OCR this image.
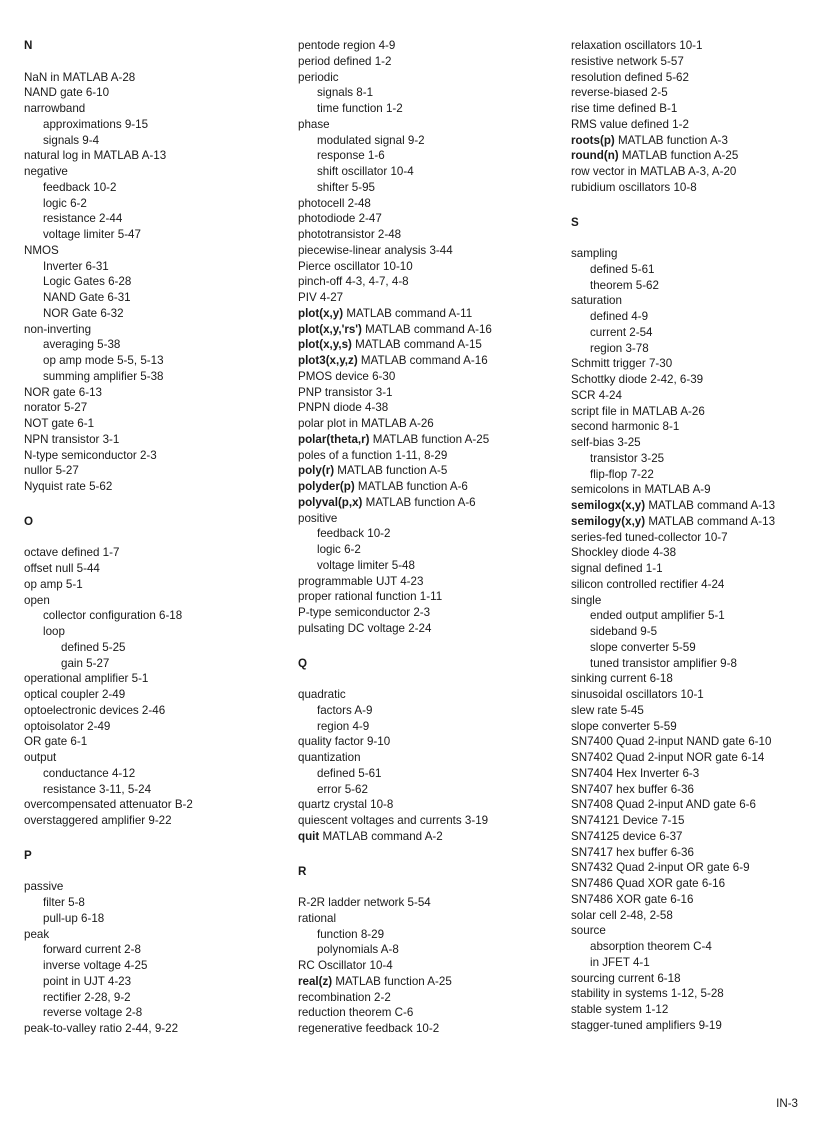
N
NaN in MATLAB A-28
NAND gate 6-10
narrowband
approximations 9-15
signals 9-4
natural log in MATLAB A-13
negative
feedback 10-2
logic 6-2
resistance 2-44
voltage limiter 5-47
NMOS
Inverter 6-31
Logic Gates 6-28
NAND Gate 6-31
NOR Gate 6-32
non-inverting
averaging 5-38
op amp mode 5-5, 5-13
summing amplifier 5-38
NOR gate 6-13
norator 5-27
NOT gate 6-1
NPN transistor 3-1
N-type semiconductor 2-3
nullor 5-27
Nyquist rate 5-62
O
octave defined 1-7
offset null 5-44
op amp 5-1
open
collector configuration 6-18
loop
defined 5-25
gain 5-27
operational amplifier 5-1
optical coupler 2-49
optoelectronic devices 2-46
optoisolator 2-49
OR gate 6-1
output
conductance 4-12
resistance 3-11, 5-24
overcompensated attenuator B-2
overstaggered amplifier 9-22
P
passive
filter 5-8
pull-up 6-18
peak
forward current 2-8
inverse voltage 4-25
point in UJT 4-23
rectifier 2-28, 9-2
reverse voltage 2-8
peak-to-valley ratio 2-44, 9-22
pentode region 4-9
period defined 1-2
periodic
signals 8-1
time function 1-2
phase
modulated signal 9-2
response 1-6
shift oscillator 10-4
shifter 5-95
photocell 2-48
photodiode 2-47
phototransistor 2-48
piecewise-linear analysis 3-44
Pierce oscillator 10-10
pinch-off 4-3, 4-7, 4-8
PIV 4-27
plot(x,y) MATLAB command A-11
plot(x,y,'rs') MATLAB command A-16
plot(x,y,s) MATLAB command A-15
plot3(x,y,z) MATLAB command A-16
PMOS device 6-30
PNP transistor 3-1
PNPN diode 4-38
polar plot in MATLAB A-26
polar(theta,r) MATLAB function A-25
poles of a function 1-11, 8-29
poly(r) MATLAB function A-5
polyder(p) MATLAB function A-6
polyval(p,x) MATLAB function A-6
positive
feedback 10-2
logic 6-2
voltage limiter 5-48
programmable UJT 4-23
proper rational function 1-11
P-type semiconductor 2-3
pulsating DC voltage 2-24
Q
quadratic
factors A-9
region 4-9
quality factor 9-10
quantization
defined 5-61
error 5-62
quartz crystal 10-8
quiescent voltages and currents 3-19
quit MATLAB command A-2
R
R-2R ladder network 5-54
rational
function 8-29
polynomials A-8
RC Oscillator 10-4
real(z) MATLAB function A-25
recombination 2-2
reduction theorem C-6
regenerative feedback 10-2
relaxation oscillators 10-1
resistive network 5-57
resolution defined 5-62
reverse-biased 2-5
rise time defined B-1
RMS value defined 1-2
roots(p) MATLAB function A-3
round(n) MATLAB function A-25
row vector in MATLAB A-3, A-20
rubidium oscillators 10-8
S
sampling
defined 5-61
theorem 5-62
saturation
defined 4-9
current 2-54
region 3-78
Schmitt trigger 7-30
Schottky diode 2-42, 6-39
SCR 4-24
script file in MATLAB A-26
second harmonic 8-1
self-bias 3-25
transistor 3-25
flip-flop 7-22
semicolons in MATLAB A-9
semilogx(x,y) MATLAB command A-13
semilogy(x,y) MATLAB command A-13
series-fed tuned-collector 10-7
Shockley diode 4-38
signal defined 1-1
silicon controlled rectifier 4-24
single
ended output amplifier 5-1
sideband 9-5
slope converter 5-59
tuned transistor amplifier 9-8
sinking current 6-18
sinusoidal oscillators 10-1
slew rate 5-45
slope converter 5-59
SN7400 Quad 2-input NAND gate 6-10
SN7402 Quad 2-input NOR gate 6-14
SN7404 Hex Inverter 6-3
SN7407 hex buffer 6-36
SN7408 Quad 2-input AND gate 6-6
SN74121 Device 7-15
SN74125 device 6-37
SN7417 hex buffer 6-36
SN7432 Quad 2-input OR gate 6-9
SN7486 Quad XOR gate 6-16
SN7486 XOR gate 6-16
solar cell 2-48, 2-58
source
absorption theorem C-4
in JFET 4-1
sourcing current 6-18
stability in systems 1-12, 5-28
stable system 1-12
stagger-tuned amplifiers 9-19
IN-3
